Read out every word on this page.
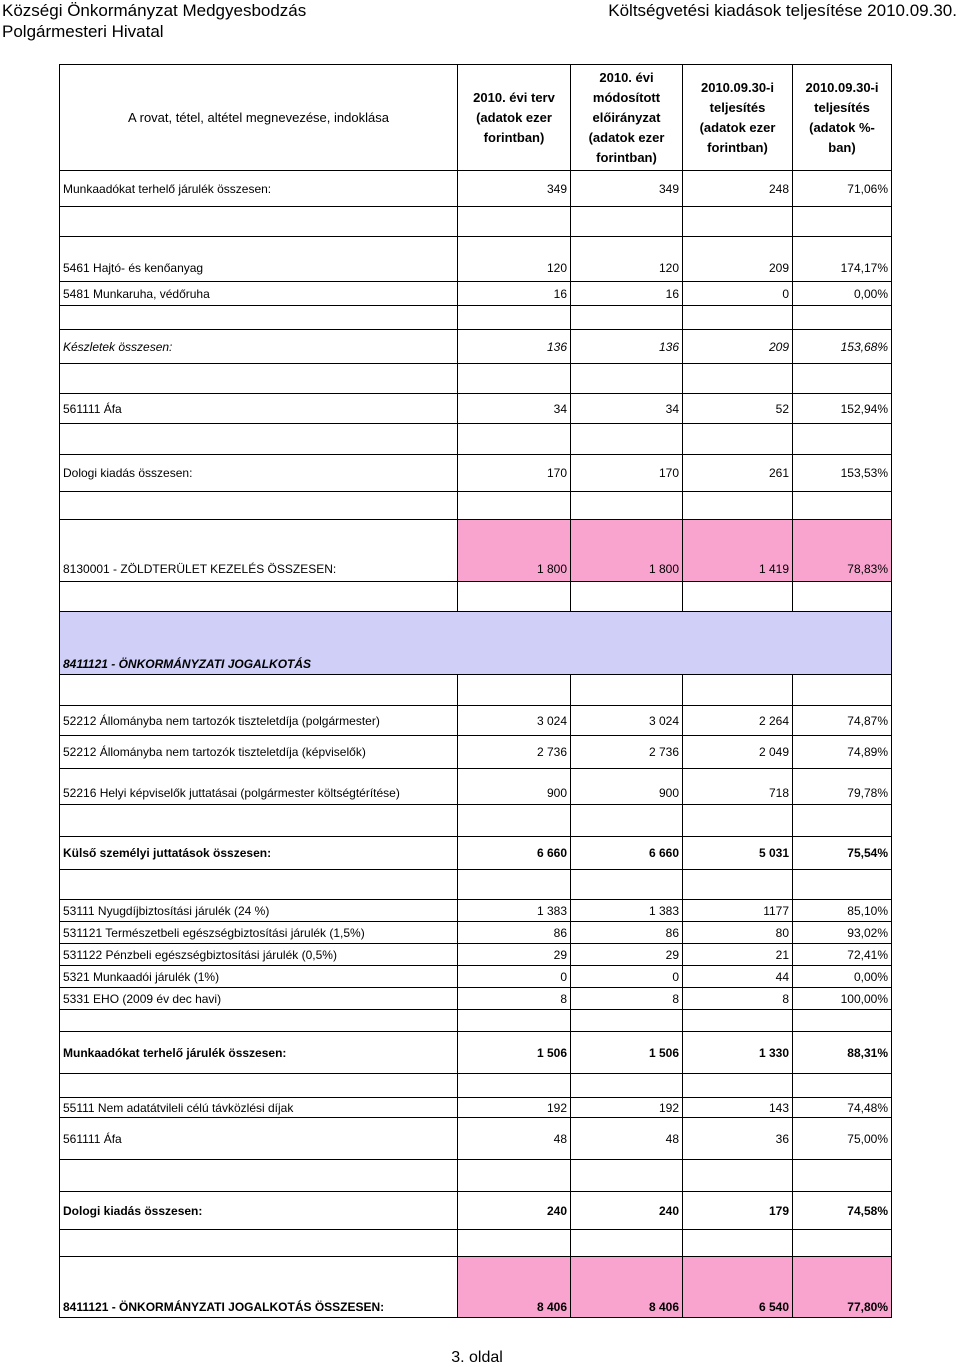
Községi Önkormányzat Medgyesbodzás
Polgármesteri Hivatal
Költségvetési kiadások teljesítése 2010.09.30.
A rovat, tétel, altétel megnevezése, indoklása	2010. évi terv (adatok ezer forintban)	2010. évi módosított előirányzat (adatok ezer forintban)	2010.09.30-i teljesítés (adatok ezer forintban)	2010.09.30-i teljesítés (adatok %-ban)
Munkaadókat terhelő járulék összesen:	349	349	248	71,06%

5461 Hajtó- és kenőanyag	120	120	209	174,17%
5481 Munkaruha, védőruha	16	16	0	0,00%

Készletek összesen:	136	136	209	153,68%

561111 Áfa	34	34	52	152,94%

Dologi kiadás összesen:	170	170	261	153,53%

8130001 - ZÖLDTERÜLET KEZELÉS ÖSSZESEN:	1 800	1 800	1 419	78,83%

8411121 - ÖNKORMÁNYZATI JOGALKOTÁS				

52212 Állományba nem tartozók tiszteletdíja (polgármester)	3 024	3 024	2 264	74,87%
52212 Állományba nem tartozók tiszteletdíja (képviselők)	2 736	2 736	2 049	74,89%
52216 Helyi képviselők juttatásai (polgármester költségtérítése)	900	900	718	79,78%

Külső személyi juttatások összesen:	6 660	6 660	5 031	75,54%

53111 Nyugdíjbiztosítási járulék (24 %)	1 383	1 383	1177	85,10%
531121 Természetbeli egészségbiztosítási járulék (1,5%)	86	86	80	93,02%
531122 Pénzbeli egészségbiztosítási járulék (0,5%)	29	29	21	72,41%
5321 Munkaadói járulék (1%)	0	0	44	0,00%
5331 EHO (2009 év dec havi)	8	8	8	100,00%

Munkaadókat terhelő járulék összesen:	1 506	1 506	1 330	88,31%

55111 Nem adatátvileli célú távközlési díjak	192	192	143	74,48%
561111 Áfa	48	48	36	75,00%

Dologi kiadás összesen:	240	240	179	74,58%

8411121 - ÖNKORMÁNYZATI JOGALKOTÁS ÖSSZESEN:	8 406	8 406	6 540	77,80%
3. oldal
